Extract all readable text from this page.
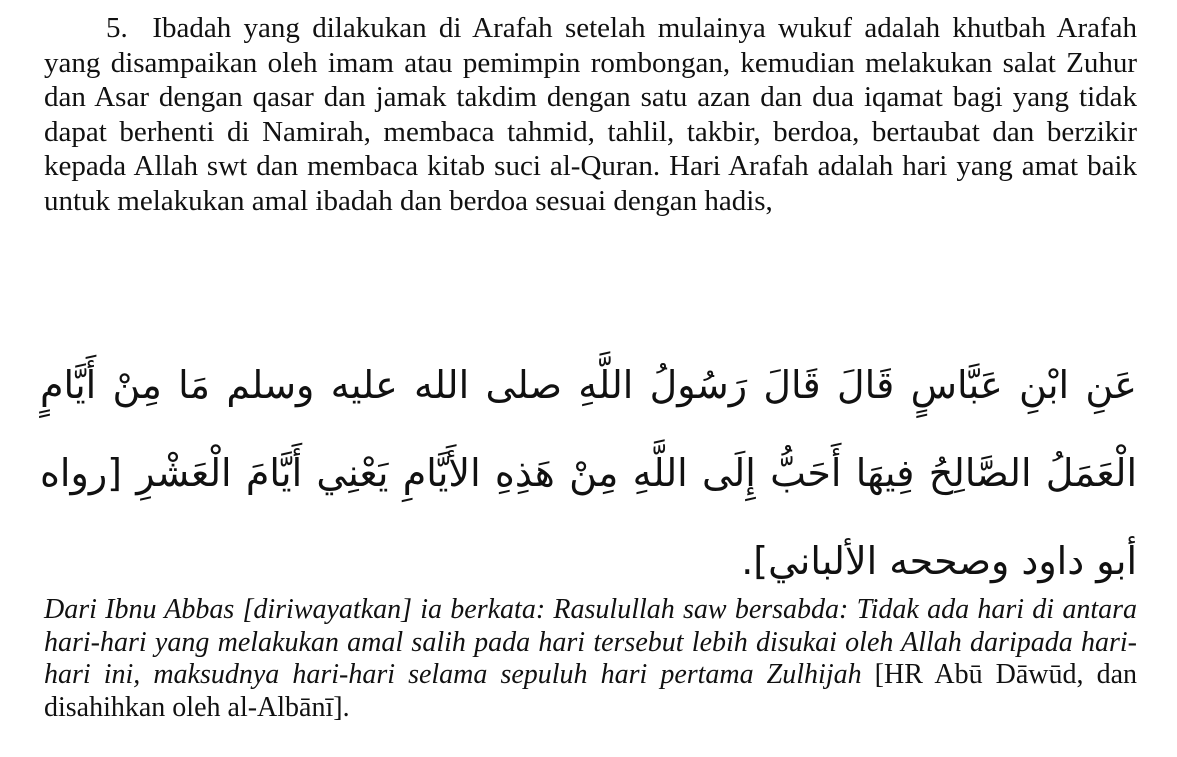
5. Ibadah yang dilakukan di Arafah setelah mulainya wukuf adalah khutbah Arafah yang disampaikan oleh imam atau pemimpin rombongan, kemudian melakukan salat Zuhur dan Asar dengan qasar dan jamak takdim dengan satu azan dan dua iqamat bagi yang tidak dapat berhenti di Namirah, membaca tahmid, tahlil, takbir, berdoa, bertaubat dan berzikir kepada Allah swt dan membaca kitab suci al-Quran. Hari Arafah adalah hari yang amat baik untuk melakukan amal ibadah dan berdoa sesuai dengan hadis,

عَنِ ابْنِ عَبَّاسٍ قَالَ قَالَ رَسُولُ اللَّهِ صلى الله عليه وسلم مَا مِنْ أَيَّامٍ الْعَمَلُ الصَّالِحُ فِيهَا أَحَبُّ إِلَى اللَّهِ مِنْ هَذِهِ الأَيَّامِ يَعْنِي أَيَّامَ الْعَشْرِ [رواه أبو داود وصححه الألباني].

Dari Ibnu Abbas [diriwayatkan] ia berkata: Rasulullah saw bersabda: Tidak ada hari di antara hari-hari yang melakukan amal salih pada hari tersebut lebih disukai oleh Allah daripada hari-hari ini, maksudnya hari-hari selama sepuluh hari pertama Zulhijah [HR Abū Dāwūd, dan disahihkan oleh al-Albānī].
